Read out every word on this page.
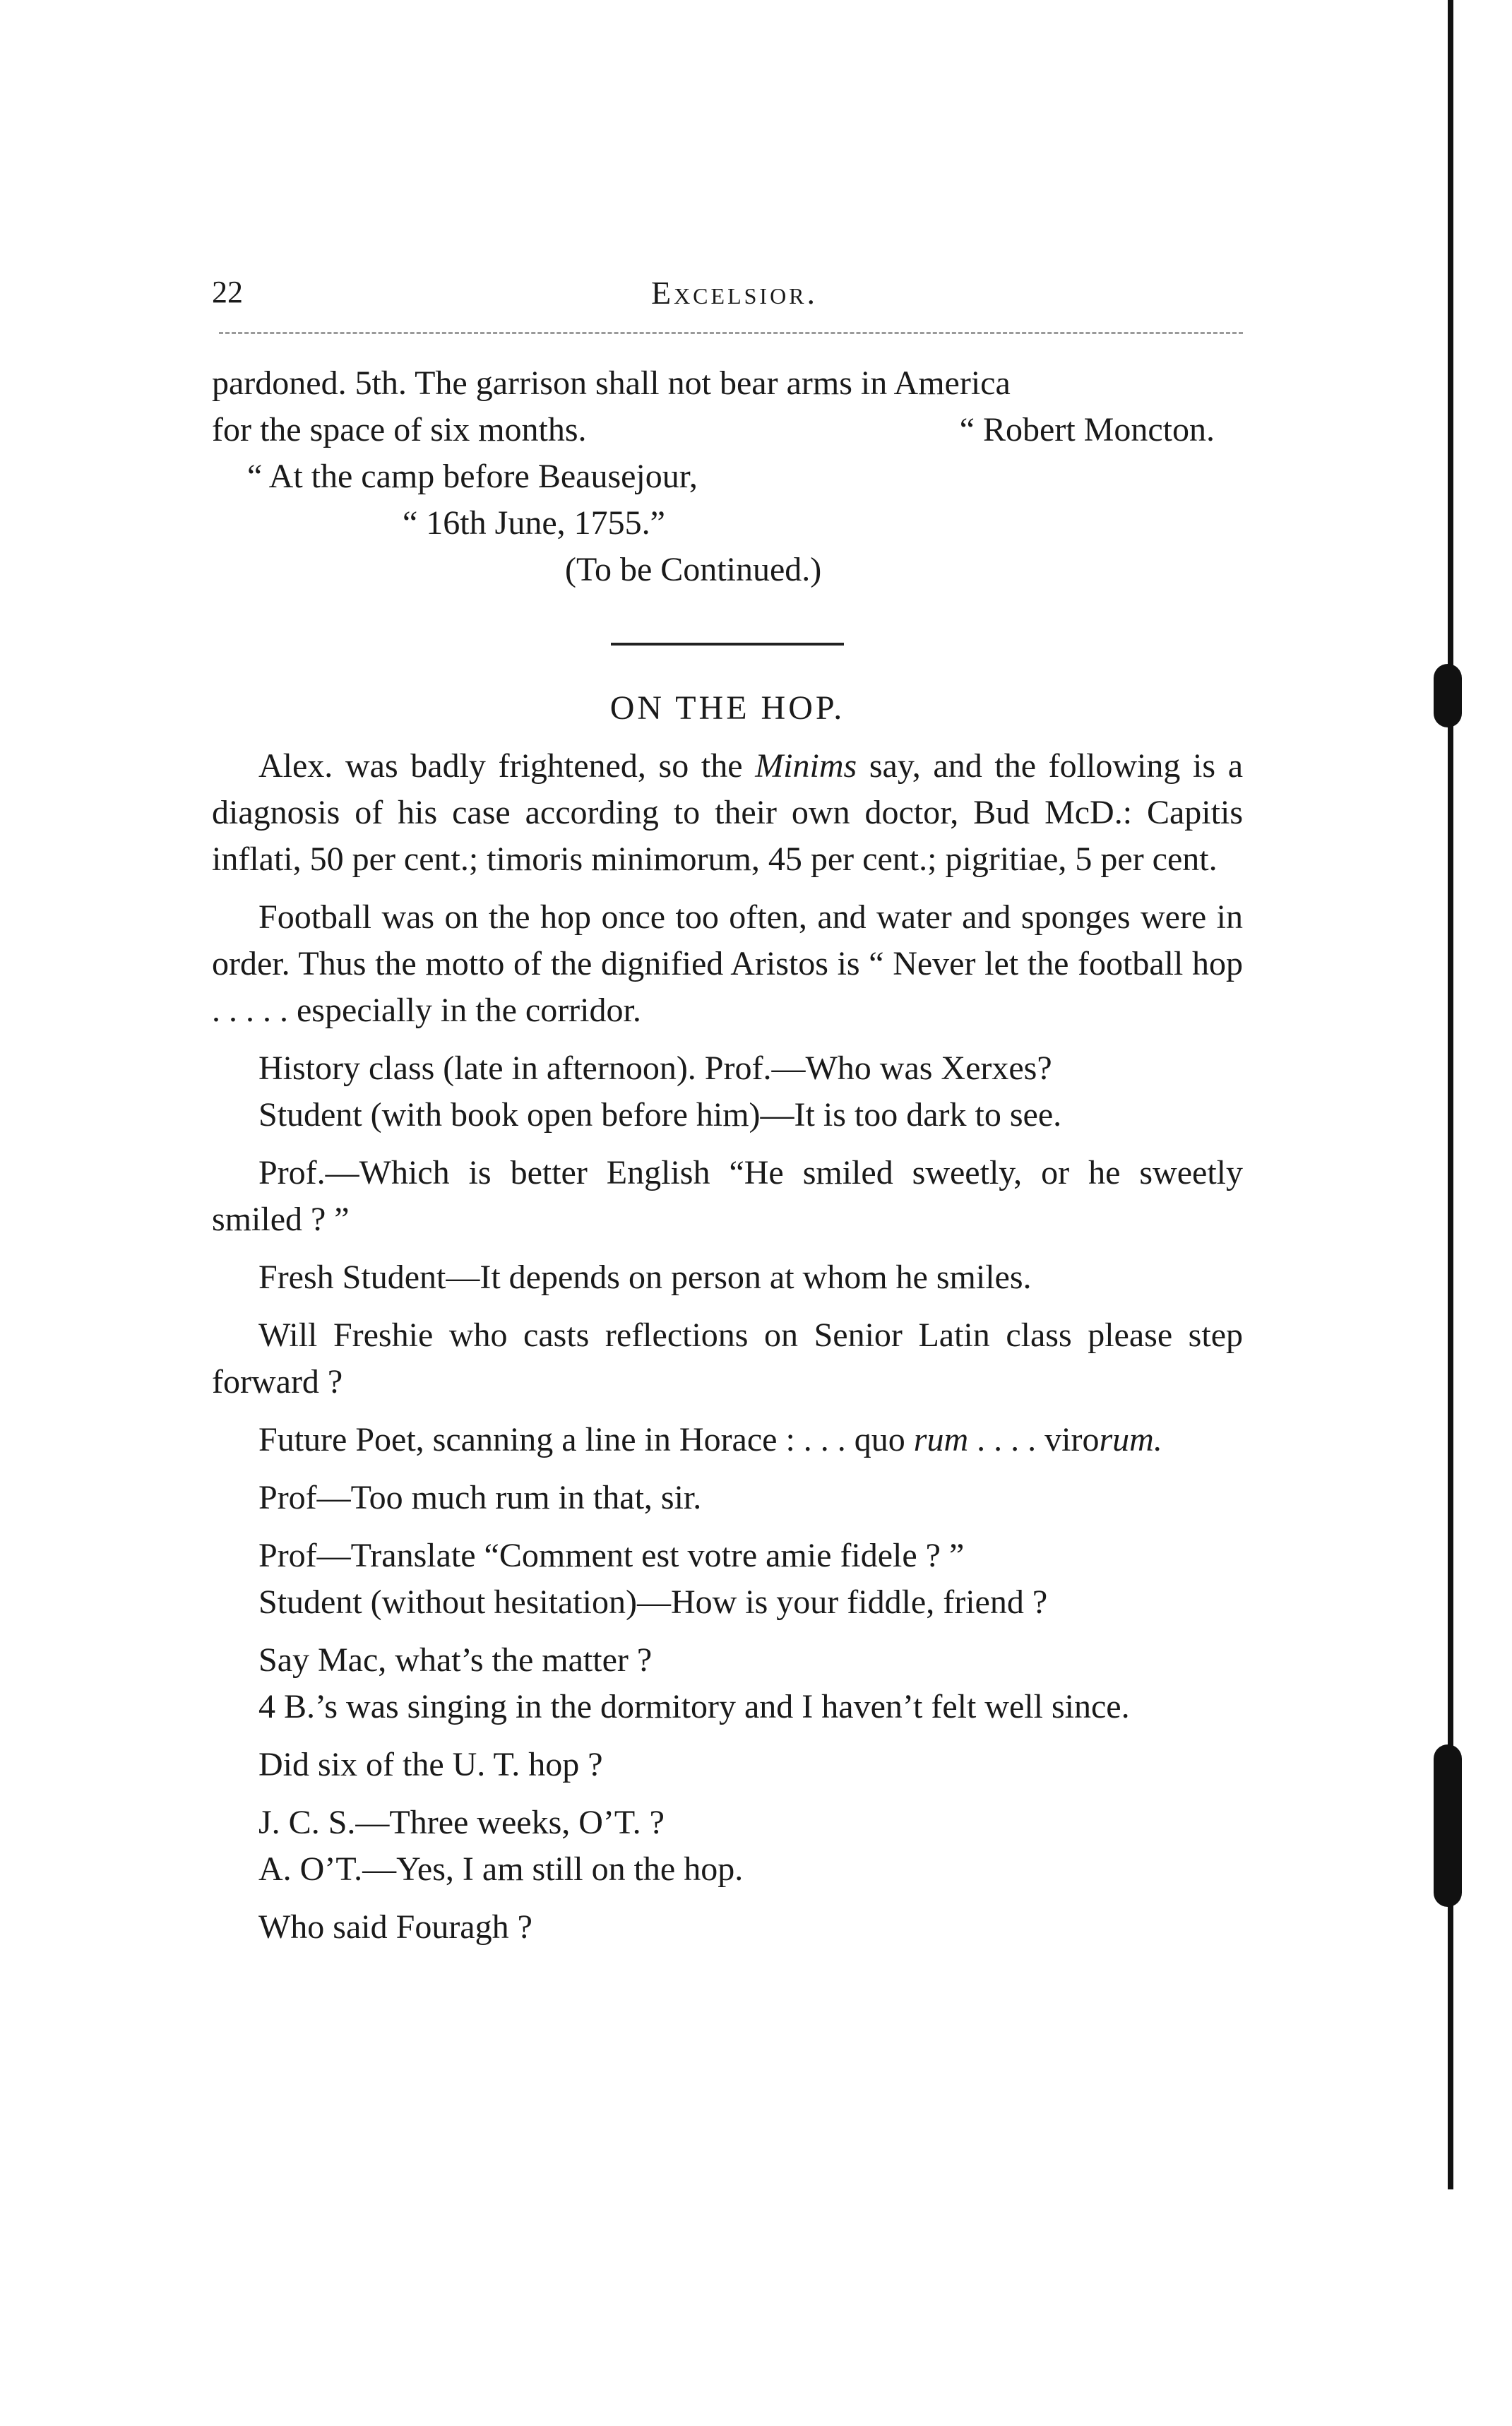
22	Excelsior.

pardoned. 5th. The garrison shall not bear arms in America

for the space of six months.	“ Robert Moncton.

“ At the camp before Beausejour,

“ 16th June, 1755.”

(To be Continued.)

ON THE HOP.

Alex. was badly frightened, so the Minims say, and the following is a diagnosis of his case according to their own doctor, Bud McD.: Capitis inflati, 50 per cent.; timoris minimorum, 45 per cent.; pigritiae, 5 per cent.

Football was on the hop once too often, and water and sponges were in order. Thus the motto of the dignified Aristos is “ Never let the football hop . . . . . especially in the corridor.

History class (late in afternoon). Prof.—Who was Xerxes?

Student (with book open before him)—It is too dark to see.

Prof.—Which is better English “He smiled sweetly, or he sweetly smiled ? ”

Fresh Student—It depends on person at whom he smiles.

Will Freshie who casts reflections on Senior Latin class please step forward ?

Future Poet, scanning a line in Horace : . . . quo rum . . . . virorum.

Prof—Too much rum in that, sir.

Prof—Translate “Comment est votre amie fidele ? ”

Student (without hesitation)—How is your fiddle, friend ?

Say Mac, what’s the matter ?

4 B.’s was singing in the dormitory and I haven’t felt well since.

Did six of the U. T. hop ?

J. C. S.—Three weeks, O’T. ?

A. O’T.—Yes, I am still on the hop.

Who said Fouragh ?
